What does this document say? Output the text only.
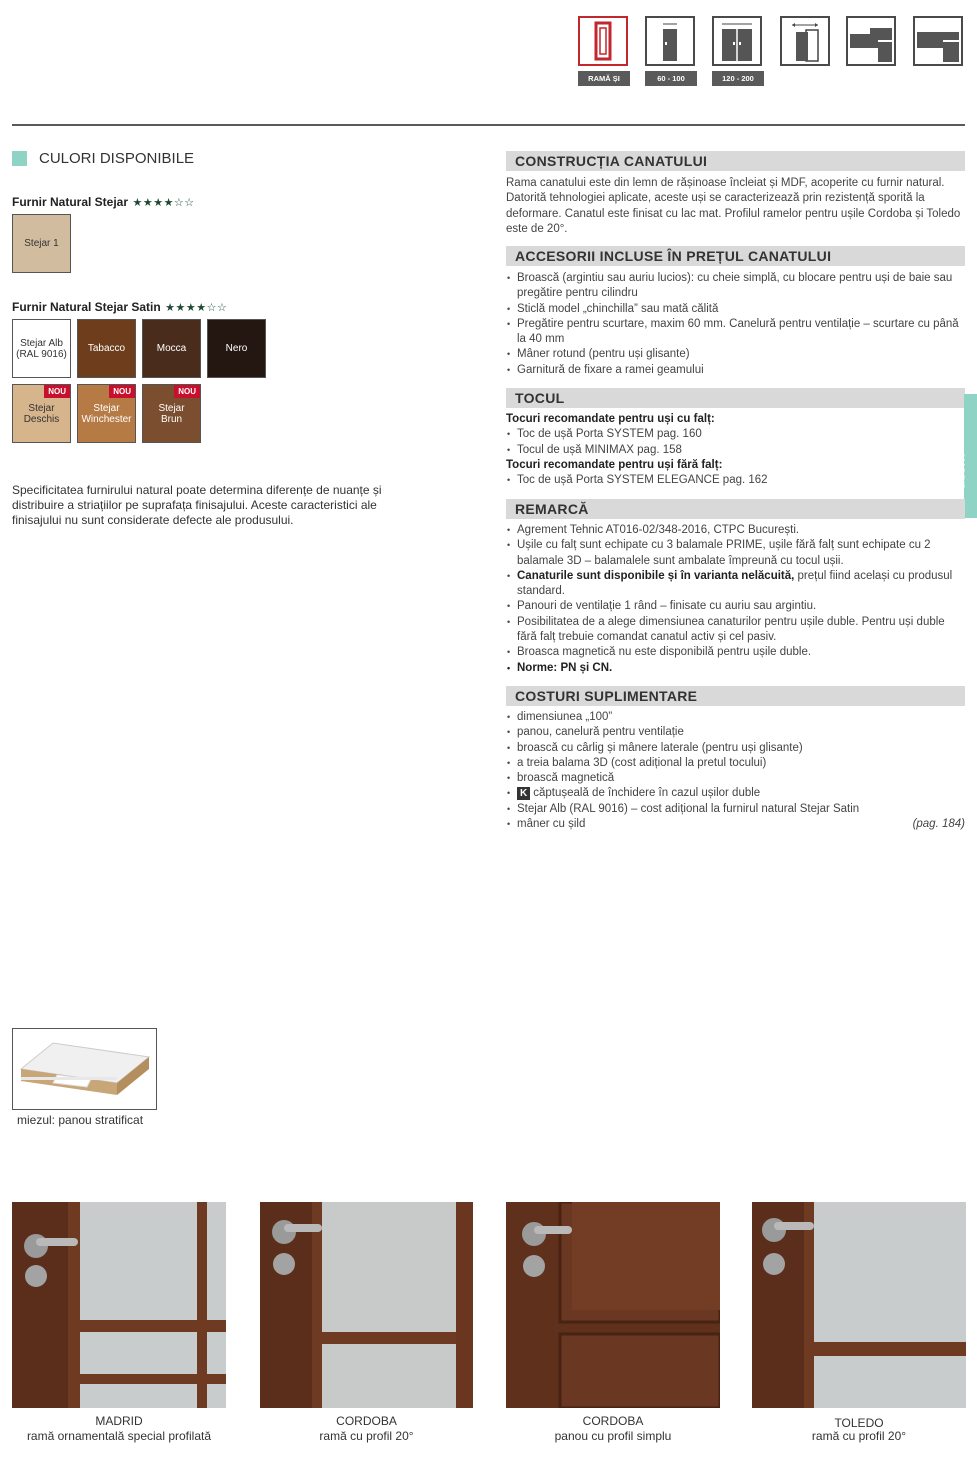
RAMĂ ȘI PANOU
60 - 100	120 - 200
CULORI DISPONIBILE
Furnir Natural Stejar ★★★★☆☆
Stejar 1
Furnir Natural Stejar Satin ★★★★☆☆
Stejar Alb
(RAL 9016) Tabacco	Mocca	Nero
NOU
Stejar
Deschis
NOU
Stejar
Winchester
NOU
Stejar
Brun
Specificitatea furnirului natural poate determina diferențe de nuanțe și distribuire a striațiilor pe suprafața finisajului. Aceste caracteristici ale finisajului nu sunt considerate defecte ale produsului.
CONSTRUCȚIA CANATULUI

Rama canatului este din lemn de rășinoase încleiat și MDF, acoperite cu furnir natural. Datorită tehnologiei aplicate, aceste uși se caracterizează prin rezistență sporită la deformare. Canatul este finisat cu lac mat. Profilul ramelor pentru ușile Cordoba și Toledo este de 20°.

ACCESORII INCLUSE ÎN PREȚUL CANATULUI
• Broască (argintiu sau auriu lucios): cu cheie simplă, cu blocare pentru uși de baie sau pregătire pentru cilindru
• Sticlă model „chinchilla” sau mată călită
• Pregătire pentru scurtare, maxim 60 mm. Canelură pentru ventilație – scurtare cu până la 40 mm
• Mâner rotund (pentru uși glisante)
• Garnitură de fixare a ramei geamului
TOCUL

Tocuri recomandate pentru uși cu falț:

• Toc de ușă Porta SYSTEM pag. 160
• Tocul de ușă MINIMAX pag. 158

Tocuri recomandate pentru uși fără falț:

• Toc de ușă Porta SYSTEM ELEGANCE pag. 162	MADRID
REMARCĂ
• Agrement Tehnic AT016-02/348-2016, CTPC București.
• Ușile cu falț sunt echipate cu 3 balamale PRIME, ușile fără falț sunt echipate cu 2 balamale 3D – balamalele sunt ambalate împreună cu tocul ușii.
• Canaturile sunt disponibile și în varianta nelăcuită, prețul fiind același cu produsul standard.
• Panouri de ventilație 1 rând – finisate cu auriu sau argintiu.
• Posibilitatea de a alege dimensiunea canaturilor pentru ușile duble. Pentru uși duble fără falț trebuie comandat canatul activ și cel pasiv.
• Broasca magnetică nu este disponibilă pentru ușile duble.
• Norme: PN și CN.
COSTURI SUPLIMENTARE
• dimensiunea „100”
• panou, canelură pentru ventilație
• broască cu cârlig și mânere laterale (pentru uși glisante)
• a treia balama 3D (cost adițional la pretul tocului)
• broască magnetică
• K căptușeală de închidere în cazul ușilor duble
• Stejar Alb (RAL 9016) – cost adițional la furnirul natural Stejar Satin
• mâner cu șild	(pag. 184)
miezul: panou stratificat
MADRID
ramă ornamentală special profilată
CORDOBA
ramă cu profil 20°
CORDOBA
panou cu profil simplu
TOLEDO
ramă cu profil 20°
